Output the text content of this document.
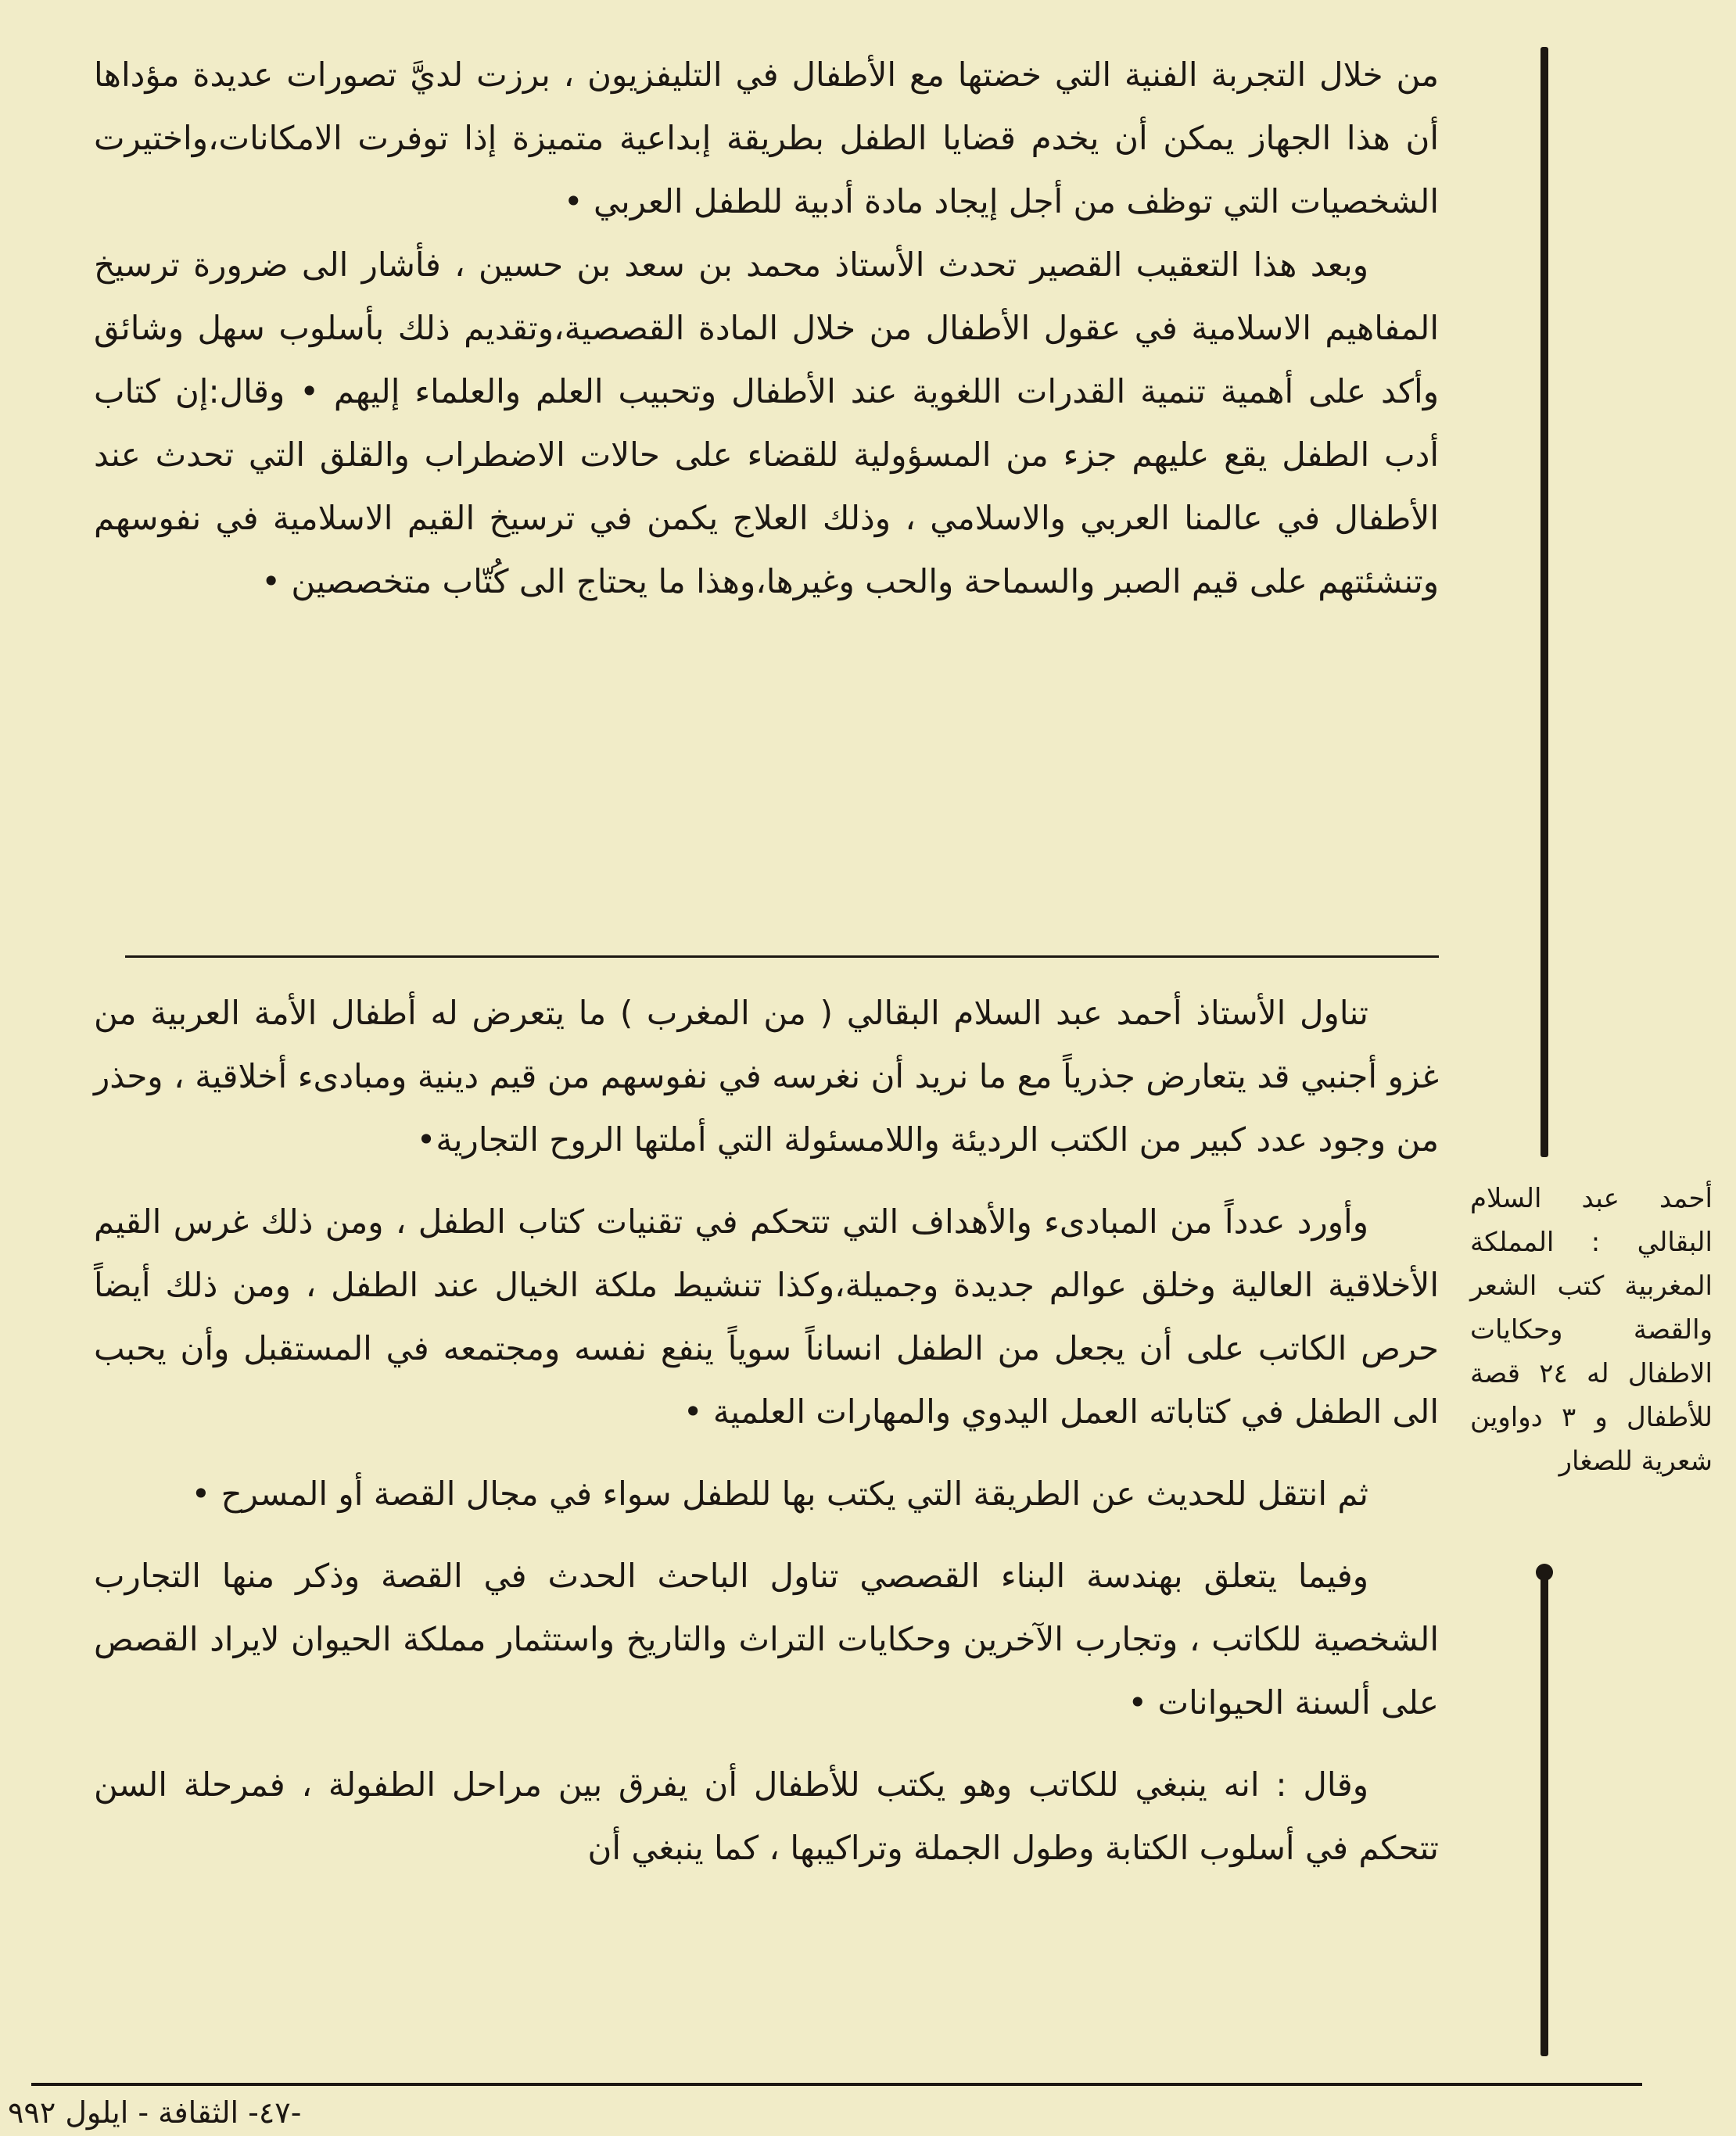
من خلال التجربة الفنية التي خضتها مع الأطفال في التليفزيون ، برزت لديَّ تصورات عديدة مؤداها أن هذا الجهاز يمكن أن يخدم قضايا الطفل بطريقة إبداعية متميزة إذا توفرت الامكانات،واختيرت الشخصيات التي توظف من أجل إيجاد مادة أدبية للطفل العربي •

وبعد هذا التعقيب القصير تحدث الأستاذ محمد بن سعد بن حسين ، فأشار الى ضرورة ترسيخ المفاهيم الاسلامية في عقول الأطفال من خلال المادة القصصية،وتقديم ذلك بأسلوب سهل وشائق وأكد على أهمية تنمية القدرات اللغوية عند الأطفال وتحبيب العلم والعلماء إليهم • وقال:إن كتاب أدب الطفل يقع عليهم جزء من المسؤولية للقضاء على حالات الاضطراب والقلق التي تحدث عند الأطفال في عالمنا العربي والاسلامي ، وذلك العلاج يكمن في ترسيخ القيم الاسلامية في نفوسهم وتنشئتهم على قيم الصبر والسماحة والحب وغيرها،وهذا ما يحتاج الى كُتّاب متخصصين •

تناول الأستاذ أحمد عبد السلام البقالي ( من المغرب ) ما يتعرض له أطفال الأمة العربية من غزو أجنبي قد يتعارض جذرياً مع ما نريد أن نغرسه في نفوسهم من قيم دينية ومبادىء أخلاقية ، وحذر من وجود عدد كبير من الكتب الرديئة واللامسئولة التي أملتها الروح التجارية•

وأورد عدداً من المبادىء والأهداف التي تتحكم في تقنيات كتاب الطفل ، ومن ذلك غرس القيم الأخلاقية العالية وخلق عوالم جديدة وجميلة،وكذا تنشيط ملكة الخيال عند الطفل ، ومن ذلك أيضاً حرص الكاتب على أن يجعل من الطفل انساناً سوياً ينفع نفسه ومجتمعه في المستقبل وأن يحبب الى الطفل في كتاباته العمل اليدوي والمهارات العلمية •

ثم انتقل للحديث عن الطريقة التي يكتب بها للطفل سواء في مجال القصة أو المسرح •

وفيما يتعلق بهندسة البناء القصصي تناول الباحث الحدث في القصة وذكر منها التجارب الشخصية للكاتب ، وتجارب الآخرين وحكايات التراث والتاريخ واستثمار مملكة الحيوان لايراد القصص على ألسنة الحيوانات •

وقال : انه ينبغي للكاتب وهو يكتب للأطفال أن يفرق بين مراحل الطفولة ، فمرحلة السن تتحكم في أسلوب الكتابة وطول الجملة وتراكيبها ، كما ينبغي أن

أحمد عبد السلام البقالي : المملكة المغربية كتب الشعر والقصة وحكايات الاطفال له ٢٤ قصة للأطفال و ٣ دواوين شعرية للصغار
-٤٧- الثقافة - ايلول ٩٩٢
